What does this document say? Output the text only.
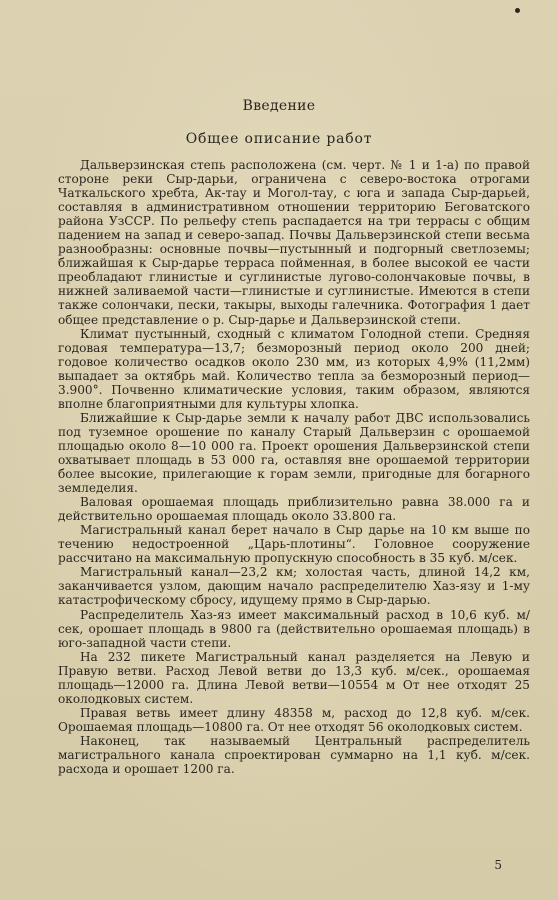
Введение
Общее описание работ

Дальверзинская степь расположена (см. черт. № 1 и 1-а) по правой стороне реки Сыр-дарьи, ограничена с северо-востока отрогами Чаткальского хребта, Ак-тау и Могол-тау, с юга и запада Сыр-дарьей, составляя в административном отношении территорию Беговатского района УзССР. По рельефу степь распадается на три террасы с общим падением на запад и северо-запад. Почвы Дальверзинской степи весьма разнообразны: основные почвы—пустынный и подгорный светлоземы; ближайшая к Сыр-дарье терраса пойменная, в более высокой ее части преобладают глинистые и суглинистые лугово-солончаковые почвы, в нижней заливаемой части—глинистые и суглинистые. Имеются в степи также солончаки, пески, такыры, выходы галечника. Фотография 1 дает общее представление о р. Сыр-дарье и Дальверзинской степи.

Климат пустынный, сходный с климатом Голодной степи. Средняя годовая температура—13,7; безморозный период около 200 дней; годовое количество осадков около 230 мм, из которых 4,9% (11,2мм) выпадает за октябрь май. Количество тепла за безморозный период—3.900°. Почвенно климатические условия, таким образом, являются вполне благоприятными для культуры хлопка.

Ближайшие к Сыр-дарье земли к началу работ ДВС использовались под туземное орошение по каналу Старый Дальверзин с орошаемой площадью около 8—10 000 га. Проект орошения Дальверзинской степи охватывает площадь в 53 000 га, оставляя вне орошаемой территории более высокие, прилегающие к горам земли, пригодные для богарного земледелия.

Валовая орошаемая площадь приблизительно равна 38.000 га и действительно орошаемая площадь около 33.800 га.

Магистральный канал берет начало в Сыр дарье на 10 км выше по течению недостроенной „Царь-плотины“. Головное сооружение рассчитано на максимальную пропускную способность в 35 куб. м/сек.

Магистральный канал—23,2 км; холостая часть, длиной 14,2 км, заканчивается узлом, дающим начало распределителю Хаз-язу и 1-му катастрофическому сбросу, идущему прямо в Сыр-дарью.

Распределитель Хаз-яз имеет максимальный расход в 10,6 куб. м/сек, орошает площадь в 9800 га (действительно орошаемая площадь) в юго-западной части степи.

На 232 пикете Магистральный канал разделяется на Левую и Правую ветви. Расход Левой ветви до 13,3 куб. м/сек., орошаемая площадь—12000 га. Длина Левой ветви—10554 м От нее отходят 25 околодковых систем.

Правая ветвь имеет длину 48358 м, расход до 12,8 куб. м/сек. Орошаемая площадь—10800 га. От нее отходят 56 околодковых систем.

Наконец, так называемый Центральный распределитель магистрального канала спроектирован суммарно на 1,1 куб. м/сек. расхода и орошает 1200 га.

5
